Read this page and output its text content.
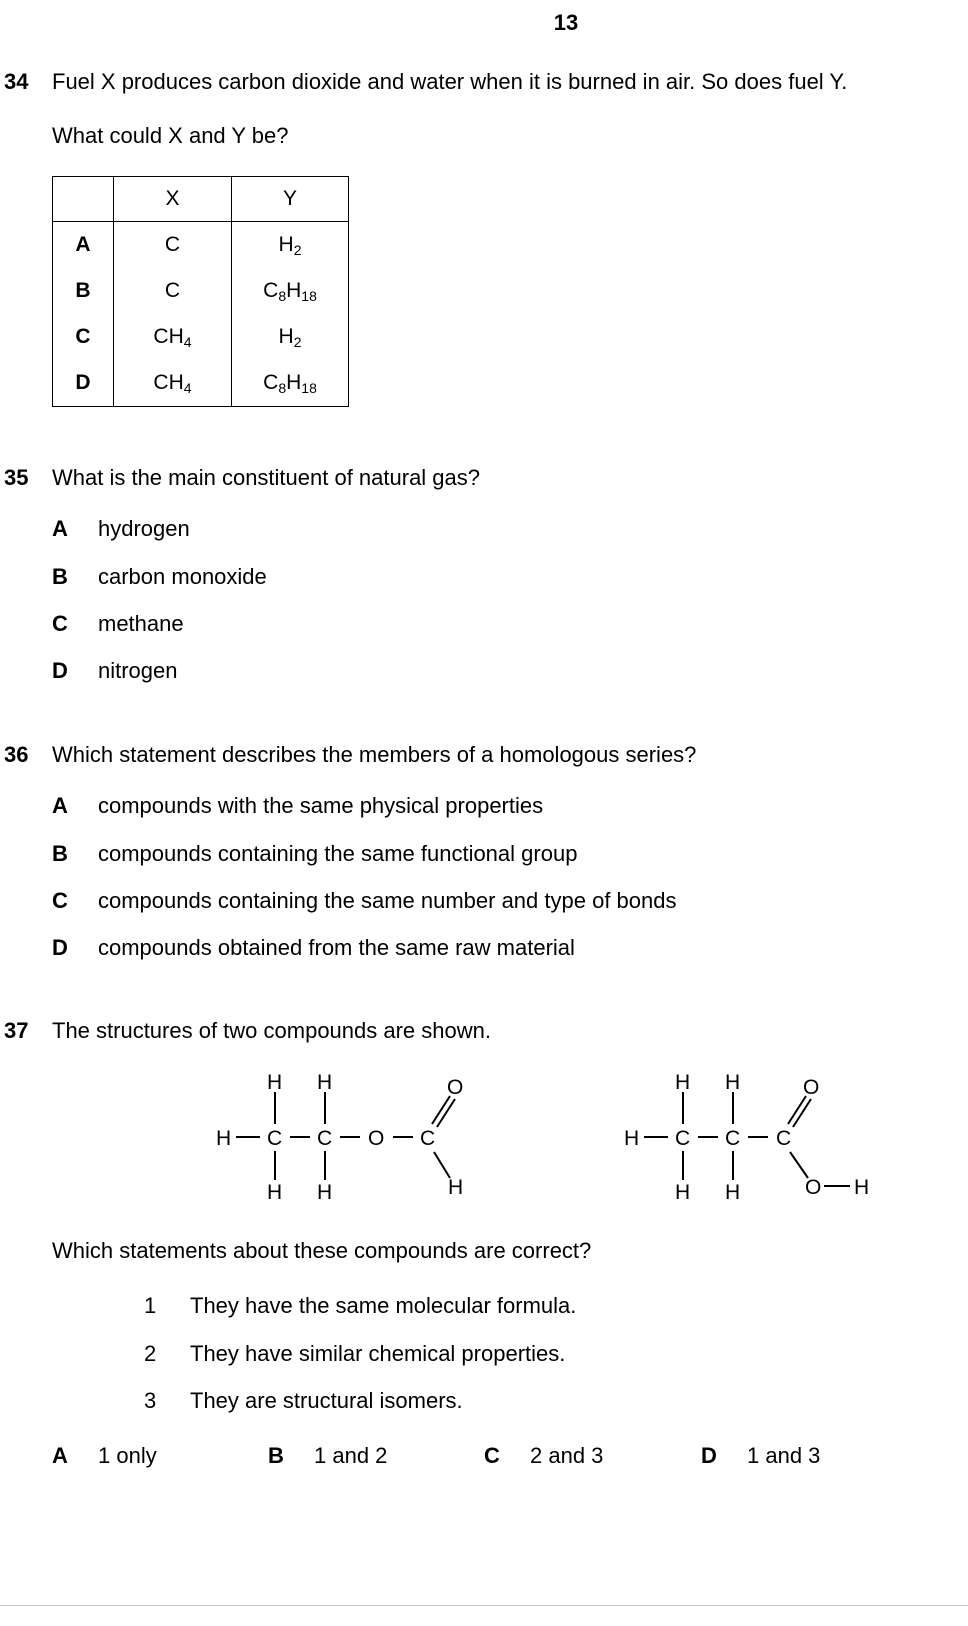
13
34 Fuel X produces carbon dioxide and water when it is burned in air. So does fuel Y.
What could X and Y be?
	X	Y
A	C	$H_2$
B	C	$C_8H_{18}$
C	$CH_4$	$H_2$
D	$CH_4$	$C_8H_{18}$
35 What is the main constituent of natural gas?
A hydrogen
B carbon monoxide
C methane
D nitrogen
36 Which statement describes the members of a homologous series?
A compounds with the same physical properties
B compounds containing the same functional group
C compounds containing the same number and type of bonds
D compounds obtained from the same raw material
37 The structures of two compounds are shown.
H C C O C
H H
H H
O
H
H C C C
H H
H H
O
O H
Which statements about these compounds are correct?
1 They have the same molecular formula.
2 They have similar chemical properties.
3 They are structural isomers.
A 1 only	B 1 and 2	C 2 and 3	D 1 and 3
